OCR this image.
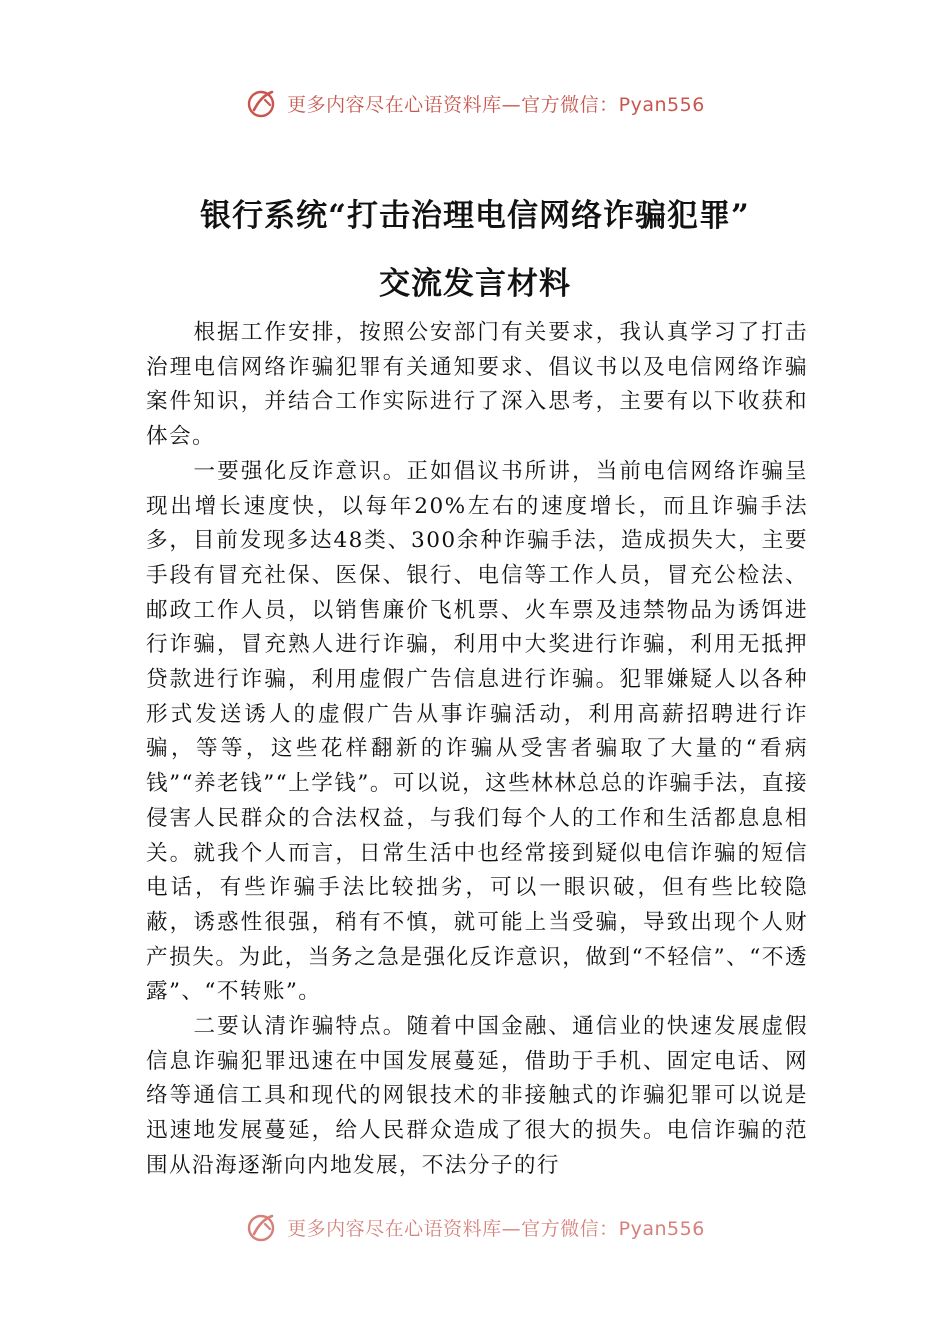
更多内容尽在心语资料库—官方微信：Pyan556
银行系统“打击治理电信网络诈骗犯罪”
交流发言材料

根据工作安排，按照公安部门有关要求，我认真学习了打击治理电信网络诈骗犯罪有关通知要求、倡议书以及电信网络诈骗案件知识，并结合工作实际进行了深入思考，主要有以下收获和体会。

一要强化反诈意识。正如倡议书所讲，当前电信网络诈骗呈现出增长速度快，以每年20%左右的速度增长，而且诈骗手法多，目前发现多达48类、300余种诈骗手法，造成损失大，主要手段有冒充社保、医保、银行、电信等工作人员，冒充公检法、邮政工作人员，以销售廉价飞机票、火车票及违禁物品为诱饵进行诈骗，冒充熟人进行诈骗，利用中大奖进行诈骗，利用无抵押贷款进行诈骗，利用虚假广告信息进行诈骗。犯罪嫌疑人以各种形式发送诱人的虚假广告从事诈骗活动，利用高薪招聘进行诈骗，等等，这些花样翻新的诈骗从受害者骗取了大量的“看病钱”“养老钱”“上学钱”。可以说，这些林林总总的诈骗手法，直接侵害人民群众的合法权益，与我们每个人的工作和生活都息息相关。就我个人而言，日常生活中也经常接到疑似电信诈骗的短信电话，有些诈骗手法比较拙劣，可以一眼识破，但有些比较隐蔽，诱惑性很强，稍有不慎，就可能上当受骗，导致出现个人财产损失。为此，当务之急是强化反诈意识，做到“不轻信”、“不透露”、“不转账”。

二要认清诈骗特点。随着中国金融、通信业的快速发展虚假信息诈骗犯罪迅速在中国发展蔓延，借助于手机、固定电话、网络等通信工具和现代的网银技术的非接触式的诈骗犯罪可以说是迅速地发展蔓延，给人民群众造成了很大的损失。电信诈骗的范围从沿海逐渐向内地发展，不法分子的行

更多内容尽在心语资料库—官方微信：Pyan556
